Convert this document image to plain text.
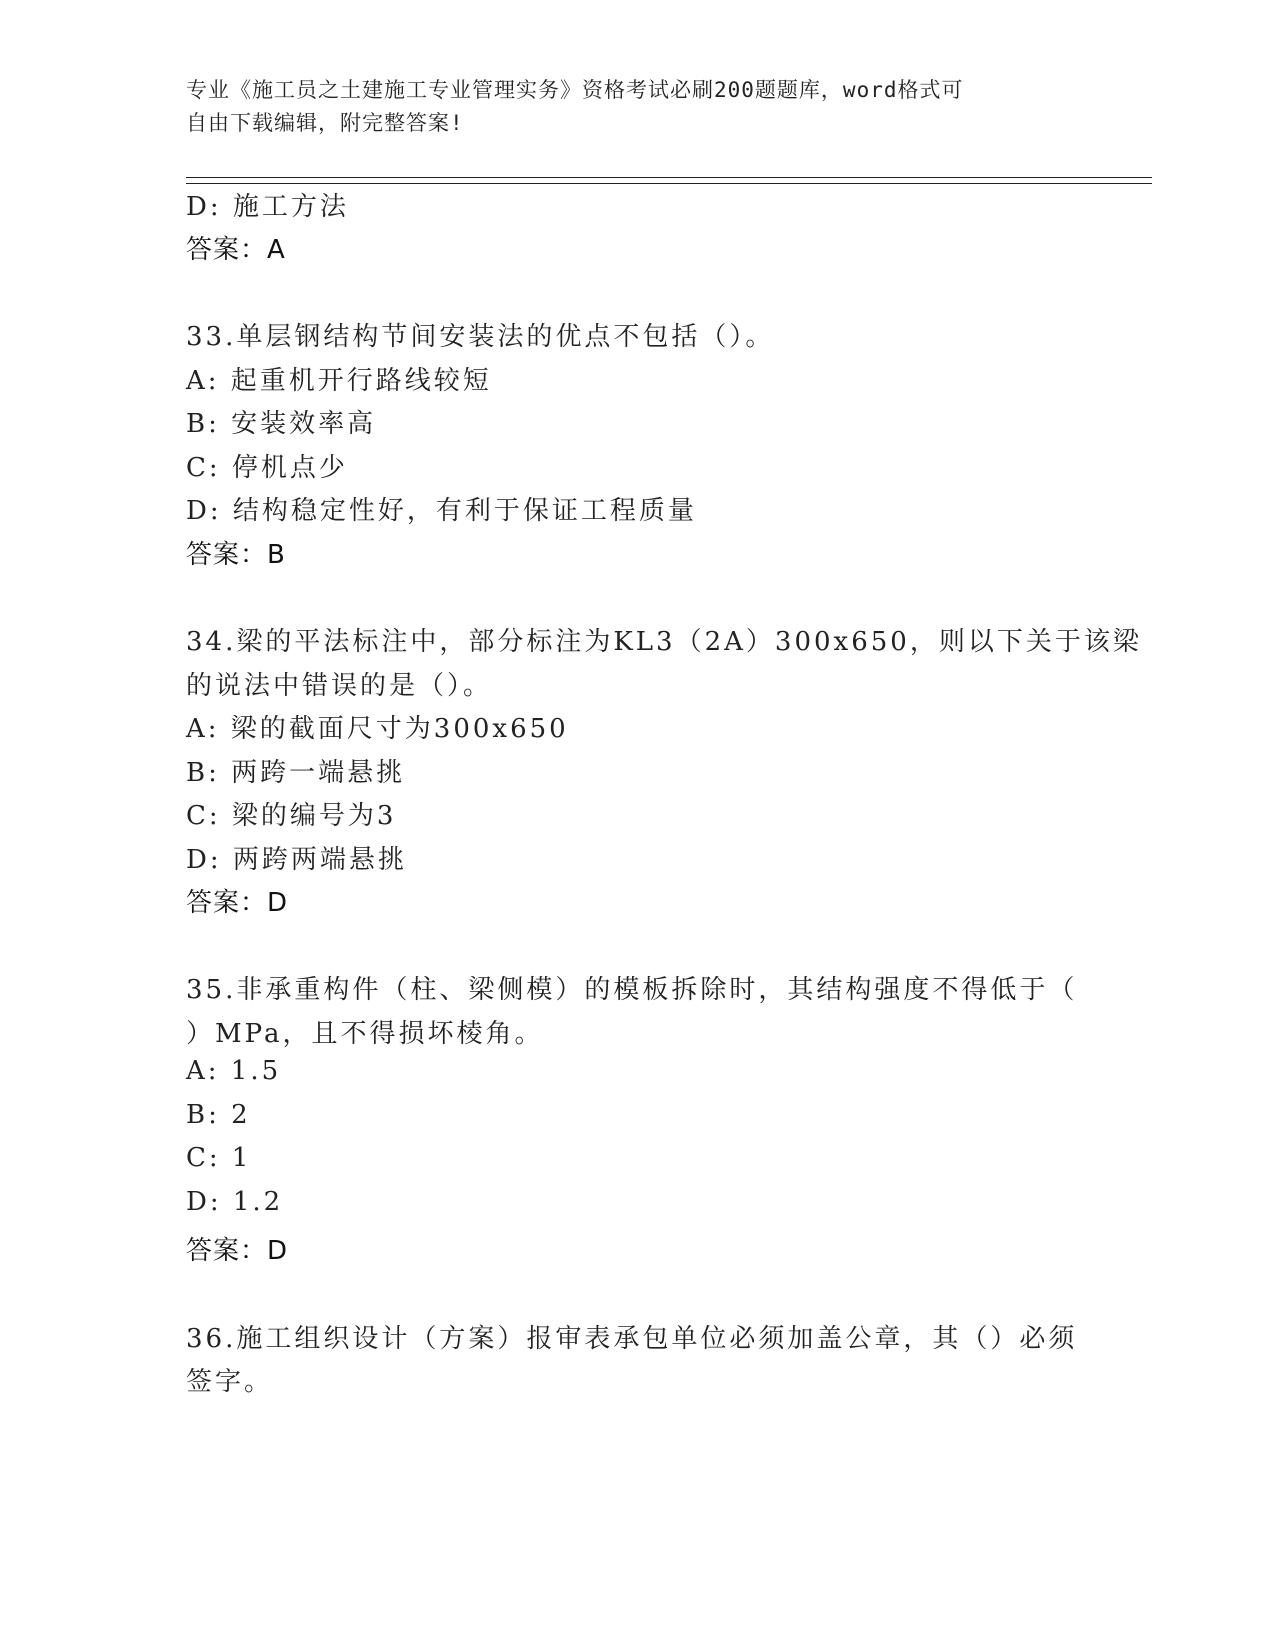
专业《施工员之土建施工专业管理实务》资格考试必刷200题题库，word格式可
自由下载编辑，附完整答案!
D: 施工方法
答案：A
33.单层钢结构节间安装法的优点不包括（）。
A: 起重机开行路线较短
B: 安装效率高
C: 停机点少
D: 结构稳定性好，有利于保证工程质量
答案：B
34.梁的平法标注中，部分标注为KL3（2A）300x650，则以下关于该梁
的说法中错误的是（）。
A: 梁的截面尺寸为300x650
B: 两跨一端悬挑
C: 梁的编号为3
D: 两跨两端悬挑
答案：D
35.非承重构件（柱、梁侧模）的模板拆除时，其结构强度不得低于（
）MPa，且不得损坏棱角。
A: 1.5
B: 2
C: 1
D: 1.2
答案：D
36.施工组织设计（方案）报审表承包单位必须加盖公章，其（）必须
签字。
